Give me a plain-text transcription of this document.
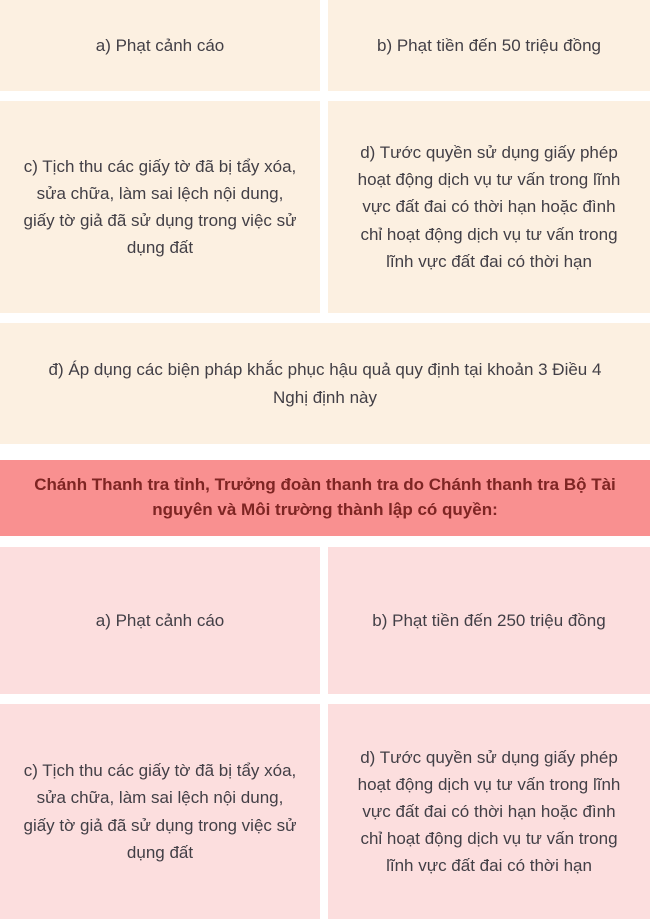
a) Phạt cảnh cáo	b) Phạt tiền đến 50 triệu đồng
c) Tịch thu các giấy tờ đã bị tẩy xóa, sửa chữa, làm sai lệch nội dung, giấy tờ giả đã sử dụng trong việc sử dụng đất
d) Tước quyền sử dụng giấy phép hoạt động dịch vụ tư vấn trong lĩnh vực đất đai có thời hạn hoặc đình chỉ hoạt động dịch vụ tư vấn trong lĩnh vực đất đai có thời hạn
đ) Áp dụng các biện pháp khắc phục hậu quả quy định tại khoản 3 Điều 4 Nghị định này
Chánh Thanh tra tỉnh, Trưởng đoàn thanh tra do Chánh thanh tra Bộ Tài nguyên và Môi trường thành lập có quyền:
a) Phạt cảnh cáo	b) Phạt tiền đến 250 triệu đồng
c) Tịch thu các giấy tờ đã bị tẩy xóa, sửa chữa, làm sai lệch nội dung, giấy tờ giả đã sử dụng trong việc sử dụng đất
d) Tước quyền sử dụng giấy phép hoạt động dịch vụ tư vấn trong lĩnh vực đất đai có thời hạn hoặc đình chỉ hoạt động dịch vụ tư vấn trong lĩnh vực đất đai có thời hạn
